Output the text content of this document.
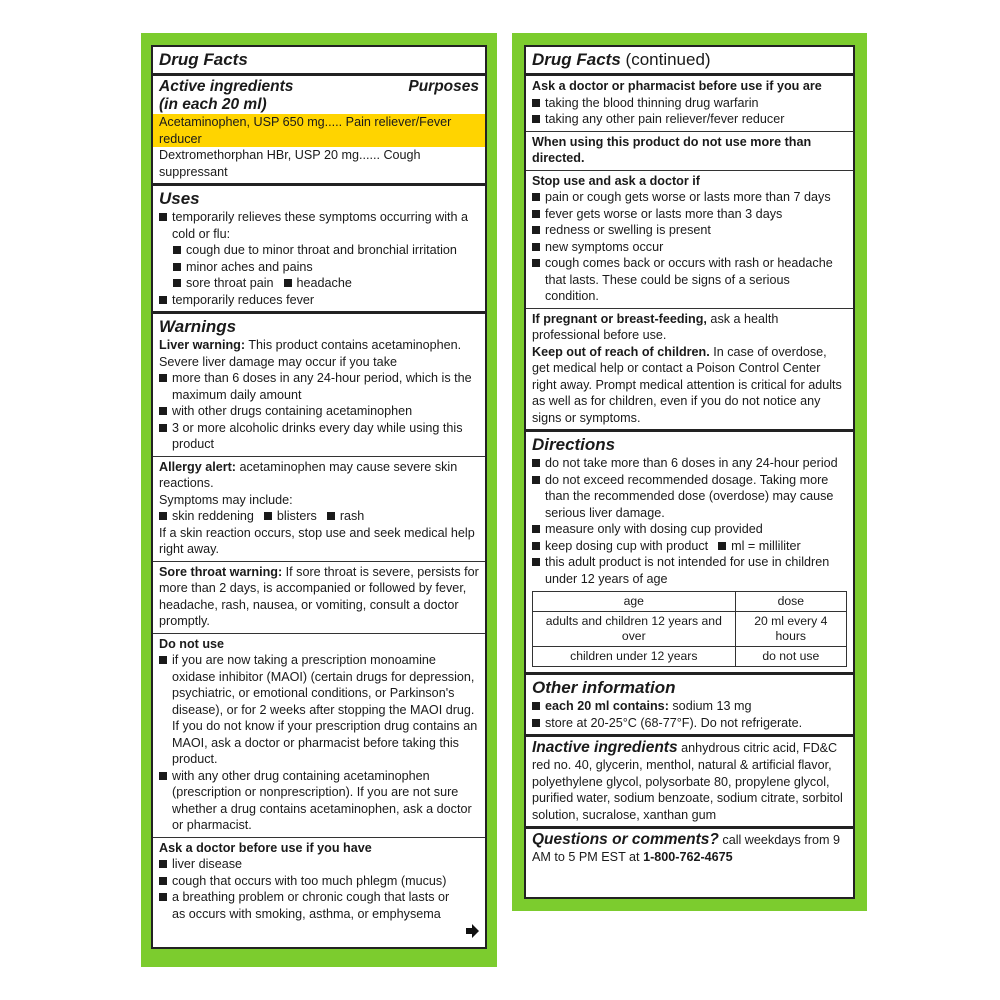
Drug Facts
Active ingredients
(in each 20 ml)
Purposes
Acetaminophen, USP 650 mg..... Pain reliever/Fever reducer
Dextromethorphan HBr, USP 20 mg...... Cough suppressant
Uses
temporarily relieves these symptoms occurring with a cold or flu:
cough due to minor throat and bronchial irritation
minor aches and pains
sore throat pain headache
temporarily reduces fever
Warnings
Liver warning: This product contains acetaminophen. Severe liver damage may occur if you take
more than 6 doses in any 24-hour period, which is the maximum daily amount
with other drugs containing acetaminophen
3 or more alcoholic drinks every day while using this product
Allergy alert: acetaminophen may cause severe skin reactions.
Symptoms may include:
skin reddening blisters rash
If a skin reaction occurs, stop use and seek medical help right away.
Sore throat warning: If sore throat is severe, persists for more than 2 days, is accompanied or followed by fever, headache, rash, nausea, or vomiting, consult a doctor promptly.
Do not use
if you are now taking a prescription monoamine oxidase inhibitor (MAOI) (certain drugs for depression, psychiatric, or emotional conditions, or Parkinson's disease), or for 2 weeks after stopping the MAOI drug. If you do not know if your prescription drug contains an MAOI, ask a doctor or pharmacist before taking this product.
with any other drug containing acetaminophen (prescription or nonprescription). If you are not sure whether a drug contains acetaminophen, ask a doctor or pharmacist.
Ask a doctor before use if you have
liver disease
cough that occurs with too much phlegm (mucus)
a breathing problem or chronic cough that lasts or as occurs with smoking, asthma, or emphysema
Drug Facts (continued)
Ask a doctor or pharmacist before use if you are
taking the blood thinning drug warfarin
taking any other pain reliever/fever reducer
When using this product do not use more than directed.
Stop use and ask a doctor if
pain or cough gets worse or lasts more than 7 days
fever gets worse or lasts more than 3 days
redness or swelling is present
new symptoms occur
cough comes back or occurs with rash or headache that lasts. These could be signs of a serious condition.
If pregnant or breast-feeding, ask a health professional before use.
Keep out of reach of children. In case of overdose, get medical help or contact a Poison Control Center right away. Prompt medical attention is critical for adults as well as for children, even if you do not notice any signs or symptoms.
Directions
do not take more than 6 doses in any 24-hour period
do not exceed recommended dosage. Taking more than the recommended dose (overdose) may cause serious liver damage.
measure only with dosing cup provided
keep dosing cup with product ml = milliliter
this adult product is not intended for use in children under 12 years of age
age	dose
adults and children 12 years and over	20 ml every 4 hours
children under 12 years	do not use
Other information
each 20 ml contains: sodium 13 mg
store at 20-25°C (68-77°F). Do not refrigerate.
Inactive ingredients anhydrous citric acid, FD&C red no. 40, glycerin, menthol, natural & artificial flavor, polyethylene glycol, polysorbate 80, propylene glycol, purified water, sodium benzoate, sodium citrate, sorbitol solution, sucralose, xanthan gum
Questions or comments? call weekdays from 9 AM to 5 PM EST at 1-800-762-4675
